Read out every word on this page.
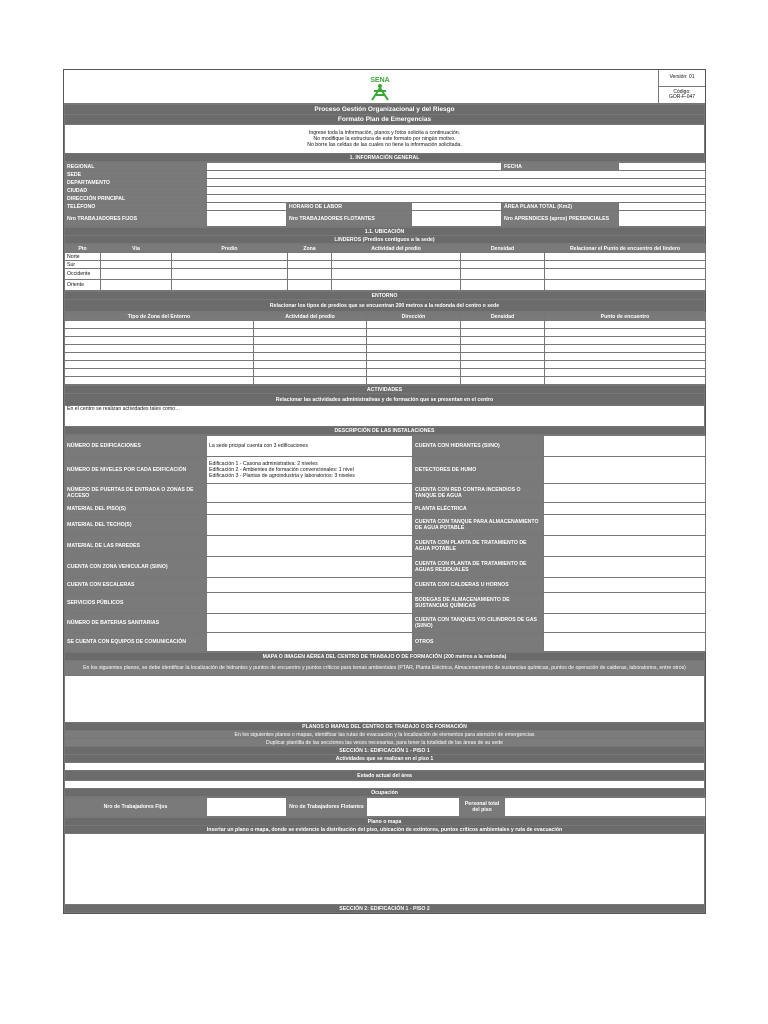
SENA	Versión: 01
Código:
GOR-F-047
Proceso Gestión Organizacional y del Riesgo
Formato Plan de Emergencias

Ingrese toda la información, planos y fotos solicita a continuación.
No modifique la estructura de este formato por ningún motivo.
No borre las celdas de las cuales no tiene la información solicitada.

1. INFORMACIÓN GENERAL
REGIONAL				FECHA	
SEDE					
DEPARTAMENTO					
CIUDAD					
DIRECCIÓN PRINCIPAL					
TELÉFONO		HORARIO DE LABOR		ÁREA PLANA TOTAL (Km2)	
Nro TRABAJADORES FIJOS		Nro TRABAJADORES FLOTANTES		Nro APRENDICES (aprox) PRESENCIALES	
1.1. UBICACIÓN
LINDEROS (Predios contiguos a la sede)
Pto	Vía	Predio	Zona	Actividad del predio	Densidad	Relacionar el Punto de encuentro del lindero
Norte						
Sur						
Occidente						
Oriente						
ENTORNO
Relacionar los tipos de predios que se encuentran 200 metros a la redonda del centro o sede
Tipo de Zona del Entorno	Actividad del predio	Dirección	Densidad	Punto de encuentro

ACTIVIDADES
Relacionar las actividades administrativas y de formación que se presentan en el centro
En el centro se realizan actividades tales como…
DESCRIPCIÓN DE LAS INSTALACIONES
NÚMERO DE EDIFICACIONES	La sede pricipal cuenta con 3 edificaciones	CUENTA CON HIDRANTES (SI/NO)	
NÚMERO DE NIVELES POR CADA EDIFICACIÓN	Edificación 1 - Casona administrativa: 2 niveles
Edificación 2 - Ambientes de formación convencionales: 1 nivel
Edificación 3 - Plantas de agroindustria y laboratorios: 3 niveles	DETECTORES DE HUMO	
NÚMERO DE PUERTAS DE ENTRADA O ZONAS DE ACCESO		CUENTA CON RED CONTRA INCENDIOS O TANQUE DE AGUA	
MATERIAL DEL PISO(S)		PLANTA ELÉCTRICA	
MATERIAL DEL TECHO(S)		CUENTA CON TANQUE PARA ALMACENAMIENTO DE AGUA POTABLE	
MATERIAL DE LAS PAREDES		CUENTA CON PLANTA DE TRATAMIENTO DE AGUA POTABLE	
CUENTA CON ZONA VEHICULAR (SI/NO)		CUENTA CON PLANTA DE TRATAMIENTO DE AGUAS RESIDUALES	
CUENTA CON ESCALERAS		CUENTA CON CALDERAS U HORNOS	
SERVICIOS PÚBLICOS		BODEGAS DE ALMACENAMIENTO DE SUSTANCIAS QUÍMICAS	
NÚMERO DE BATERIAS SANITARIAS		CUENTA CON TANQUES Y/O CILINDROS DE GAS (SI/NO)	
SE CUENTA CON EQUIPOS DE COMUNICACIÓN		OTROS	
MAPA O IMAGEN AÉREA DEL CENTRO DE TRABAJO O DE FORMACIÓN (200 metros a la redonda)
En los siguientes planos, se debe identificar la localización de hidrantes y puntos de encuentro y puntos críticos para temas ambientales (PTAR, Planta Eléctrica, Almacenamiento de sustancias químicas, puntos de operación de calderas, laboratorios, entre otros)

PLANOS O MAPAS DEL CENTRO DE TRABAJO O DE FORMACIÓN
En los siguientes planos o mapas, identificar las rutas de evacuación y la localización de elementos para atención de emergencias
Duplicar plantilla de las secciones las veces necesarias, para tener la totalidad de las áreas de su sede
SECCIÓN 1: EDIFICACIÓN 1 - PISO 1
Actividades que se realizan en el piso 1

Estado actual del área

Ocupación
Nro de Trabajadores Fijos		Nro de Trabajadores Flotantes		Personal total del piso	
Plano o mapa
Insertar un plano o mapa, donde se evidencie la distribución del piso, ubicación de extintores, puntos críticos ambientales y ruta de evacuación

SECCIÓN 2: EDIFICACIÓN 1 - PISO 2
